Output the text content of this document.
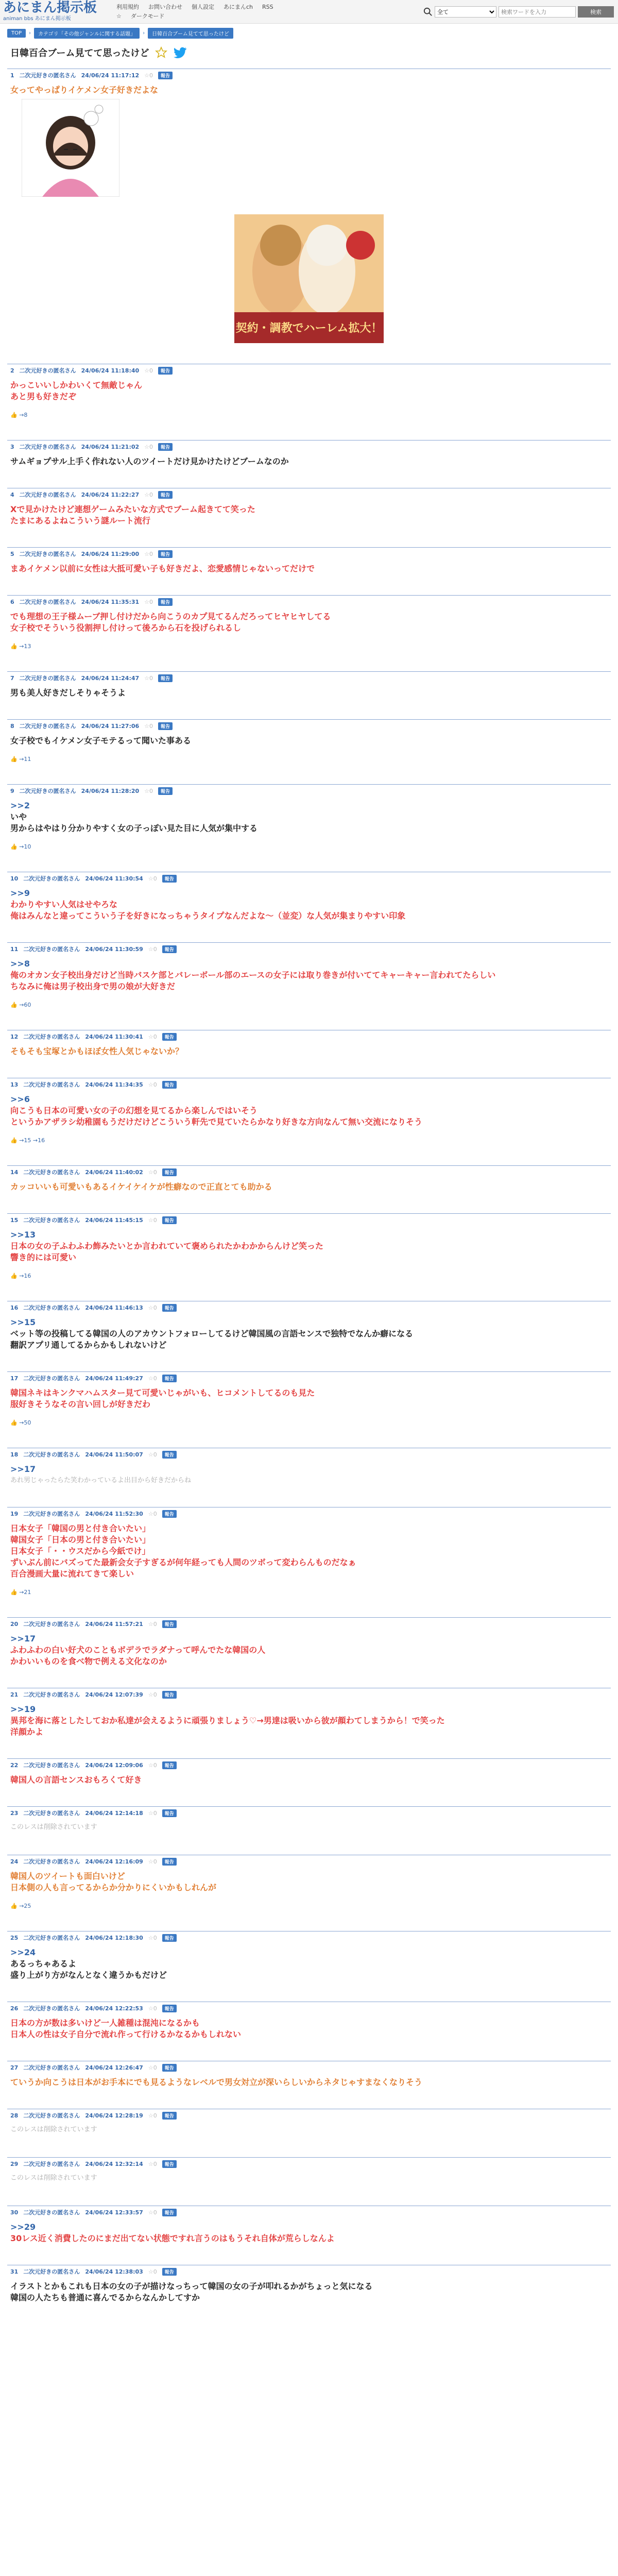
あにまん掲示板
animan bbs あにまん掲示板
利用規約 お問い合わせ 個人設定 あにまんch RSS
☆ ダークモード
全て
検索ワードを入力
検索
TOP	›	カテゴリ「その他ジャンルに関する話題」	›	日韓百合ブーム見てて思ったけど
日韓百合ブーム見てて思ったけど
1 二次元好きの匿名さん 24/06/24 11:17:12 ☆0	報告
女ってやっぱりイケメン女子好きだよな
契約・調教でハーレム拡大！
2 二次元好きの匿名さん 24/06/24 11:18:40 ☆0	報告
かっこいいしかわいくて無敵じゃん
あと男も好きだぞ
👍 →8
3 二次元好きの匿名さん 24/06/24 11:21:02 ☆0	報告
サムギョプサル上手く作れない人のツイートだけ見かけたけどブームなのか
4 二次元好きの匿名さん 24/06/24 11:22:27 ☆0	報告
Xで見かけたけど連想ゲームみたいな方式でブーム起きてて笑った
たまにあるよねこういう謎ルート流行
5 二次元好きの匿名さん 24/06/24 11:29:00 ☆0	報告
まあイケメン以前に女性は大抵可愛い子も好きだよ、恋愛感情じゃないってだけで
6 二次元好きの匿名さん 24/06/24 11:35:31 ☆0	報告
でも理想の王子様ムーブ押し付けだから向こうのカプ見てるんだろってヒヤヒヤしてる
女子校でそういう役割押し付けって後ろから石を投げられるし
👍 →13
7 二次元好きの匿名さん 24/06/24 11:24:47 ☆0	報告
男も美人好きだしそりゃそうよ
8 二次元好きの匿名さん 24/06/24 11:27:06 ☆0	報告
女子校でもイケメン女子モテるって聞いた事ある
👍 →11
9 二次元好きの匿名さん 24/06/24 11:28:20 ☆0	報告
>>2
いや
男からはやはり分かりやすく女の子っぽい見た目に人気が集中する
👍 →10
10 二次元好きの匿名さん 24/06/24 11:30:54 ☆0	報告
>>9
わかりやすい人気はせやろな
俺はみんなと違ってこういう子を好きになっちゃうタイプなんだよな〜（並変）な人気が集まりやすい印象
11 二次元好きの匿名さん 24/06/24 11:30:59 ☆0	報告
>>8
俺のオカン女子校出身だけど当時バスケ部とバレーボール部のエースの女子には取り巻きが付いててキャーキャー言われてたらしい
ちなみに俺は男子校出身で男の娘が大好きだ
👍 →60
12 二次元好きの匿名さん 24/06/24 11:30:41 ☆0	報告
そもそも宝塚とかもほぼ女性人気じゃないか？
13 二次元好きの匿名さん 24/06/24 11:34:35 ☆0	報告
>>6
向こうも日本の可愛い女の子の幻想を見てるから楽しんではいそう
というかアザラシ幼稚園もうだけだけどこういう軒先で見ていたらかなり好きな方向なんて無い交流になりそう
👍 →15 →16
14 二次元好きの匿名さん 24/06/24 11:40:02 ☆0	報告
カッコいいも可愛いもあるイケイケイケが性癖なので正直とても助かる
15 二次元好きの匿名さん 24/06/24 11:45:15 ☆0	報告
>>13
日本の女の子ふわふわ飾みたいとか言われていて褒められたかわかからんけど笑った
響き的には可愛い
👍 →16
16 二次元好きの匿名さん 24/06/24 11:46:13 ☆0	報告
>>15
ベット等の投稿してる韓国の人のアカウントフォローしてるけど韓国風の言語センスで独特でなんか癖になる
翻訳アプリ通してるからかもしれないけど
17 二次元好きの匿名さん 24/06/24 11:49:27 ☆0	報告
韓国ネキはキンクマハムスター見て可愛いじゃがいも、ヒコメントしてるのも見た
服好きそうなその言い回しが好きだわ
👍 →50
18 二次元好きの匿名さん 24/06/24 11:50:07 ☆0	報告
>>17
あれ男じゃったらた笑わかっているよ出目から好きだからね
19 二次元好きの匿名さん 24/06/24 11:52:30 ☆0	報告
日本女子「韓国の男と付き合いたい」
韓国女子「日本の男と付き合いたい」
日本女子「・・ウスだから今紙でけ」
ずいぶん前にバズってた最新会女子すぎるが何年経っても人間のツボって変わらんものだなぁ
百合漫画大量に流れてきて楽しい
👍 →21
20 二次元好きの匿名さん 24/06/24 11:57:21 ☆0	報告
>>17
ふわふわの白い好犬のこともボデラでラダナって呼んでたな韓国の人
かわいいものを食べ物で例える文化なのか
21 二次元好きの匿名さん 24/06/24 12:07:39 ☆0	報告
>>19
異邦を海に落としたしておか私達が会えるように頑張りましょう♡→男達は吸いから彼が顔わてしまうから！で笑った
洋顔かよ
22 二次元好きの匿名さん 24/06/24 12:09:06 ☆0	報告
韓国人の言語センスおもろくて好き
23 二次元好きの匿名さん 24/06/24 12:14:18 ☆0	報告
このレスは削除されています
24 二次元好きの匿名さん 24/06/24 12:16:09 ☆0	報告
韓国人のツイートも面白いけど
日本側の人も言ってるからか分かりにくいかもしれんが
👍 →25
25 二次元好きの匿名さん 24/06/24 12:18:30 ☆0	報告
>>24
あるっちゃあるよ
盛り上がり方がなんとなく違うかもだけど
26 二次元好きの匿名さん 24/06/24 12:22:53 ☆0	報告
日本の方が数は多いけど一人雑種は混沌になるかも
日本人の性は女子自分で流れ作って行けるかなるかもしれない
27 二次元好きの匿名さん 24/06/24 12:26:47 ☆0	報告
ていうか向こうは日本がお手本にでも見るようなレベルで男女対立が深いらしいからネタじゃすまなくなりそう
28 二次元好きの匿名さん 24/06/24 12:28:19 ☆0	報告
このレスは削除されています
29 二次元好きの匿名さん 24/06/24 12:32:14 ☆0	報告
このレスは削除されています
30 二次元好きの匿名さん 24/06/24 12:33:57 ☆0	報告
>>29
30レス近く消費したのにまだ出てない状態ですれ言うのはもうそれ自体が荒らしなんよ
31 二次元好きの匿名さん 24/06/24 12:38:03 ☆0	報告
イラストとかもこれも日本の女の子が描けなっちって韓国の女の子が叩れるかがちょっと気になる
韓国の人たちも普通に喜んでるからなんかしてすか
